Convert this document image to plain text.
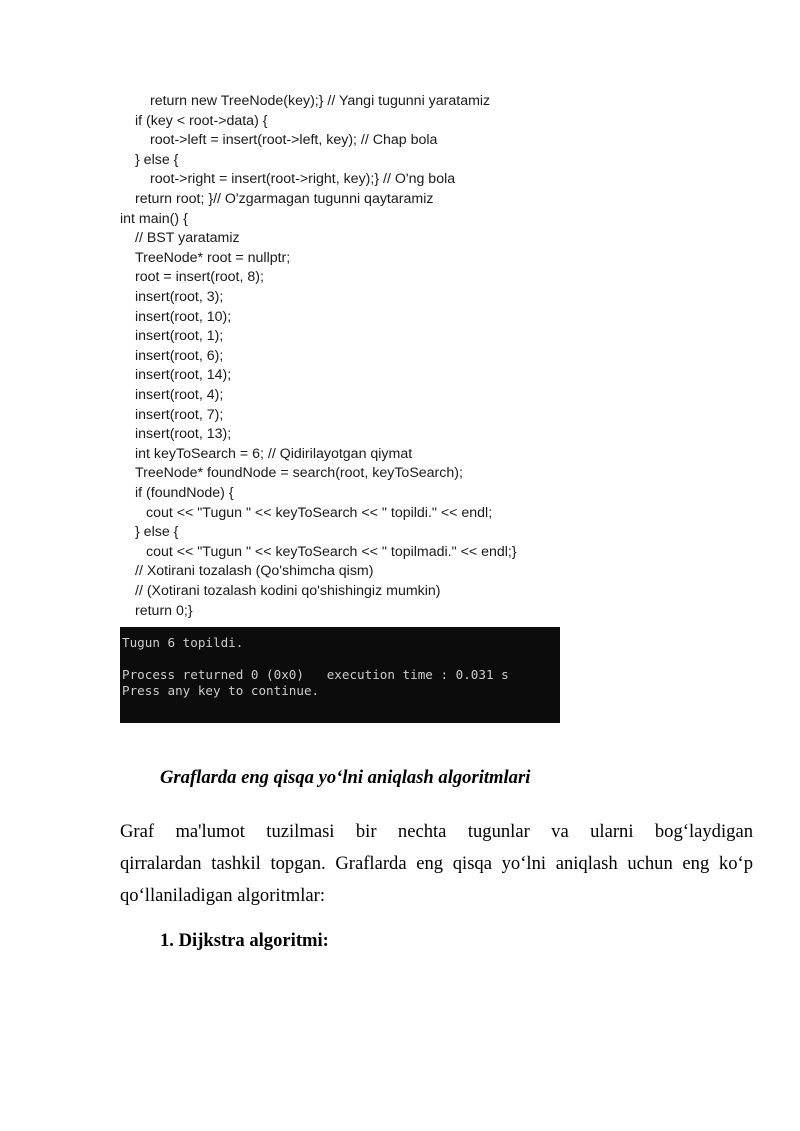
return new TreeNode(key);} // Yangi tugunni yaratamiz
if (key < root->data) {
root->left = insert(root->left, key); // Chap bola
} else {
root->right = insert(root->right, key);} // O'ng bola
return root; }// O'zgarmagan tugunni qaytaramiz
int main() {
// BST yaratamiz
TreeNode* root = nullptr;
root = insert(root, 8);
insert(root, 3);
insert(root, 10);
insert(root, 1);
insert(root, 6);
insert(root, 14);
insert(root, 4);
insert(root, 7);
insert(root, 13);
int keyToSearch = 6; // Qidirilayotgan qiymat
TreeNode* foundNode = search(root, keyToSearch);
if (foundNode) {
cout << "Tugun " << keyToSearch << " topildi." << endl;
} else {
cout << "Tugun " << keyToSearch << " topilmadi." << endl;}
// Xotirani tozalash (Qo'shimcha qism)
// (Xotirani tozalash kodini qo'shishingiz mumkin)
return 0;}
Tugun 6 topildi.
Process returned 0 (0x0)   execution time : 0.031 s
Press any key to continue.
Graflarda eng qisqa yo‘lni aniqlash algoritmlari
Graf ma'lumot tuzilmasi bir nechta tugunlar va ularni bog‘laydigan
qirralardan tashkil topgan. Graflarda eng qisqa yo‘lni aniqlash uchun eng ko‘p
qo‘llaniladigan algoritmlar:
1. Dijkstra algoritmi:
